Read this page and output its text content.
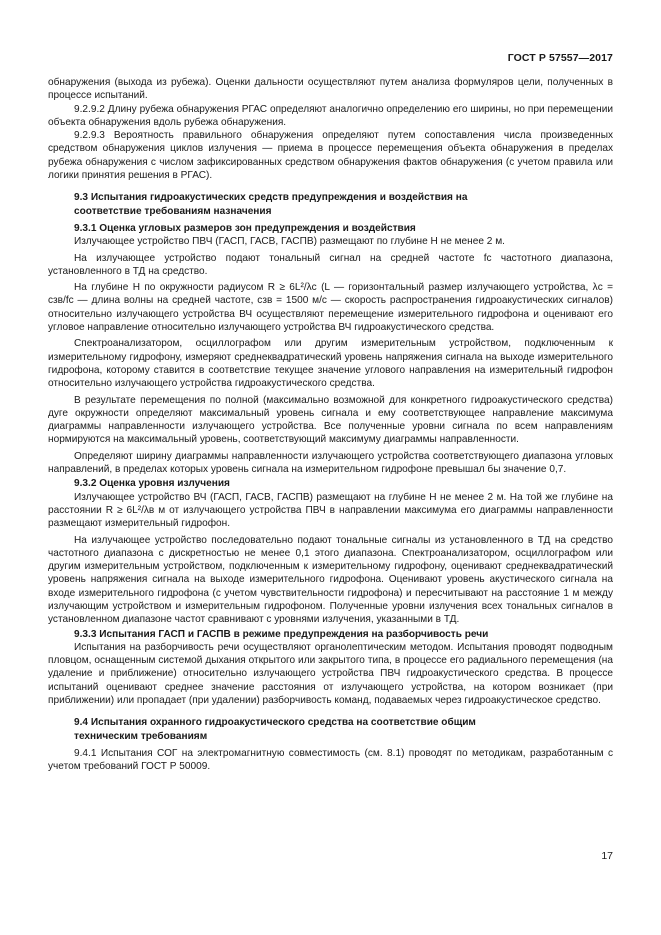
ГОСТ Р 57557—2017

обнаружения (выхода из рубежа). Оценки дальности осуществляют путем анализа формуляров цели, полученных в процессе испытаний.

9.2.9.2 Длину рубежа обнаружения РГАС определяют аналогично определению его ширины, но при перемещении объекта обнаружения вдоль рубежа обнаружения.

9.2.9.3 Вероятность правильного обнаружения определяют путем сопоставления числа произведенных средством обнаружения циклов излучения — приема в процессе перемещения объекта обнаружения в пределах рубежа обнаружения с числом зафиксированных средством обнаружения фактов обнаружения (с учетом правила или логики принятия решения в РГАС).

9.3 Испытания гидроакустических средств предупреждения и воздействия на
соответствие требованиям назначения

9.3.1 Оценка угловых размеров зон предупреждения и воздействия

Излучающее устройство ПВЧ (ГАСП, ГАСВ, ГАСПВ) размещают по глубине H не менее 2 м.

На излучающее устройство подают тональный сигнал на средней частоте fс частотного диапазона, установленного в ТД на средство.

На глубине H по окружности радиусом R ≥ 6L²/λс (L — горизонтальный размер излучающего устройства, λс = cзв/fс — длина волны на средней частоте, cзв = 1500 м/с — скорость распространения гидроакустических сигналов) относительно излучающего устройства ВЧ осуществляют перемещение измерительного гидрофона и оценивают его угловое направление относительно излучающего устройства ВЧ гидроакустического средства.

Спектроанализатором, осциллографом или другим измерительным устройством, подключенным к измерительному гидрофону, измеряют среднеквадратический уровень напряжения сигнала на выходе измерительного гидрофона, которому ставится в соответствие текущее значение углового направления на измерительный гидрофон относительно излучающего устройства гидроакустического средства.

В результате перемещения по полной (максимально возможной для конкретного гидроакустического средства) дуге окружности определяют максимальный уровень сигнала и ему соответствующее направление максимума диаграммы направленности излучающего устройства. Все полученные уровни сигнала по всем направлениям нормируются на максимальный уровень, соответствующий максимуму диаграммы направленности.

Определяют ширину диаграммы направленности излучающего устройства соответствующего диапазона угловых направлений, в пределах которых уровень сигнала на измерительном гидрофоне превышал бы значение 0,7.

9.3.2 Оценка уровня излучения

Излучающее устройство ВЧ (ГАСП, ГАСВ, ГАСПВ) размещают на глубине H не менее 2 м. На той же глубине на расстоянии R ≥ 6L²/λв м от излучающего устройства ПВЧ в направлении максимума его диаграммы направленности размещают измерительный гидрофон.

На излучающее устройство последовательно подают тональные сигналы из установленного в ТД на средство частотного диапазона с дискретностью не менее 0,1 этого диапазона. Спектроанализатором, осциллографом или другим измерительным устройством, подключенным к измерительному гидрофону, оценивают среднеквадратический уровень напряжения сигнала на выходе измерительного гидрофона. Оценивают уровень акустического сигнала на входе измерительного гидрофона (с учетом чувствительности гидрофона) и пересчитывают на расстояние 1 м между излучающим устройством и измерительным гидрофоном. Полученные уровни излучения всех тональных сигналов в установленном диапазоне частот сравнивают с уровнями излучения, указанными в ТД.

9.3.3 Испытания ГАСП и ГАСПВ в режиме предупреждения на разборчивость речи

Испытания на разборчивость речи осуществляют органолептическим методом. Испытания проводят подводным пловцом, оснащенным системой дыхания открытого или закрытого типа, в процессе его радиального перемещения (на удаление и приближение) относительно излучающего устройства ПВЧ гидроакустического средства. В процессе испытаний оценивают среднее значение расстояния от излучающего устройства, на котором возникает (при приближении) или пропадает (при удалении) разборчивость команд, подаваемых через гидроакустическое средство.

9.4 Испытания охранного гидроакустического средства на соответствие общим
техническим требованиям

9.4.1 Испытания СОГ на электромагнитную совместимость (см. 8.1) проводят по методикам, разработанным с учетом требований ГОСТ Р 50009.

17
